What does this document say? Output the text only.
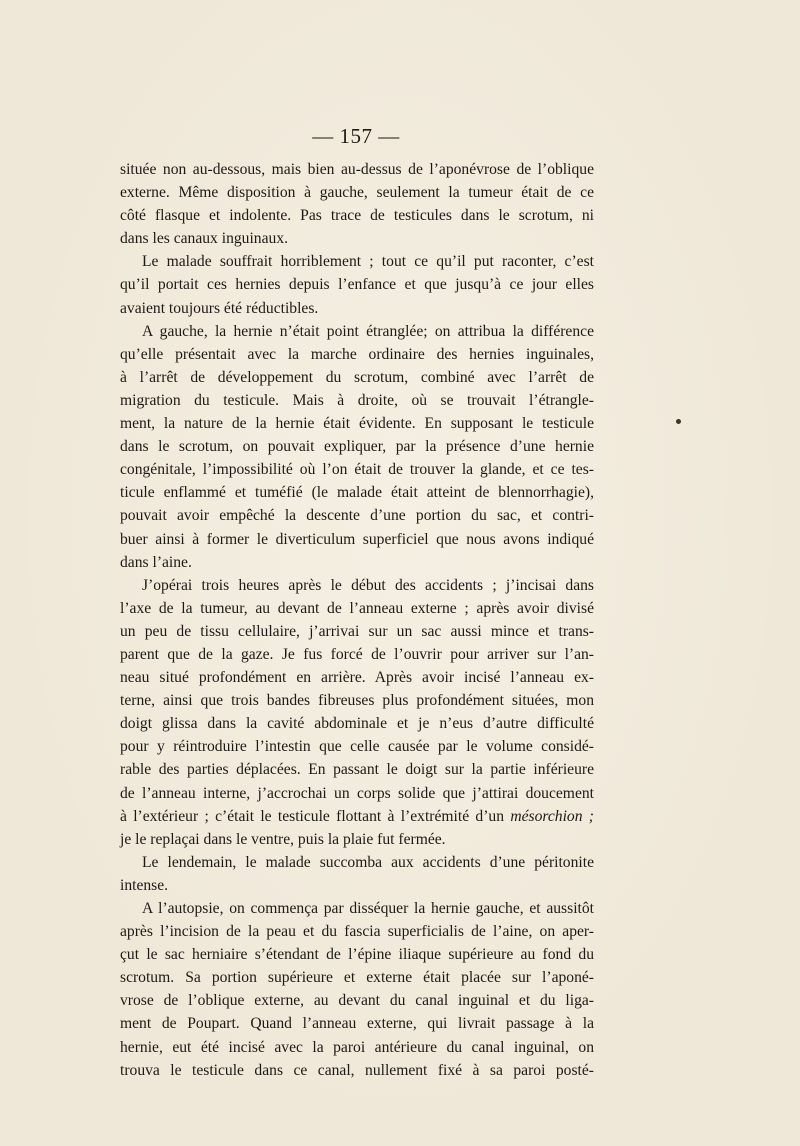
— 157 —
située non au-dessous, mais bien au-dessus de l’aponévrose de l’oblique
externe. Même disposition à gauche, seulement la tumeur était de ce
côté flasque et indolente. Pas trace de testicules dans le scrotum, ni
dans les canaux inguinaux.
Le malade souffrait horriblement ; tout ce qu’il put raconter, c’est
qu’il portait ces hernies depuis l’enfance et que jusqu’à ce jour elles
avaient toujours été réductibles.
A gauche, la hernie n’était point étranglée; on attribua la différence
qu’elle présentait avec la marche ordinaire des hernies inguinales,
à l’arrêt de développement du scrotum, combiné avec l’arrêt de
migration du testicule. Mais à droite, où se trouvait l’étrangle-
ment, la nature de la hernie était évidente. En supposant le testicule
dans le scrotum, on pouvait expliquer, par la présence d’une hernie
congénitale, l’impossibilité où l’on était de trouver la glande, et ce tes-
ticule enflammé et tuméfié (le malade était atteint de blennorrhagie),
pouvait avoir empêché la descente d’une portion du sac, et contri-
buer ainsi à former le diverticulum superficiel que nous avons indiqué
dans l’aine.
J’opérai trois heures après le début des accidents ; j’incisai dans
l’axe de la tumeur, au devant de l’anneau externe ; après avoir divisé
un peu de tissu cellulaire, j’arrivai sur un sac aussi mince et trans-
parent que de la gaze. Je fus forcé de l’ouvrir pour arriver sur l’an-
neau situé profondément en arrière. Après avoir incisé l’anneau ex-
terne, ainsi que trois bandes fibreuses plus profondément situées, mon
doigt glissa dans la cavité abdominale et je n’eus d’autre difficulté
pour y réintroduire l’intestin que celle causée par le volume considé-
rable des parties déplacées. En passant le doigt sur la partie inférieure
de l’anneau interne, j’accrochai un corps solide que j’attirai doucement
à l’extérieur ; c’était le testicule flottant à l’extrémité d’un mésorchion ;
je le replaçai dans le ventre, puis la plaie fut fermée.
Le lendemain, le malade succomba aux accidents d’une péritonite
intense.
A l’autopsie, on commença par disséquer la hernie gauche, et aussitôt
après l’incision de la peau et du fascia superficialis de l’aine, on aper-
çut le sac herniaire s’étendant de l’épine iliaque supérieure au fond du
scrotum. Sa portion supérieure et externe était placée sur l’aponé-
vrose de l’oblique externe, au devant du canal inguinal et du liga-
ment de Poupart. Quand l’anneau externe, qui livrait passage à la
hernie, eut été incisé avec la paroi antérieure du canal inguinal, on
trouva le testicule dans ce canal, nullement fixé à sa paroi posté-
